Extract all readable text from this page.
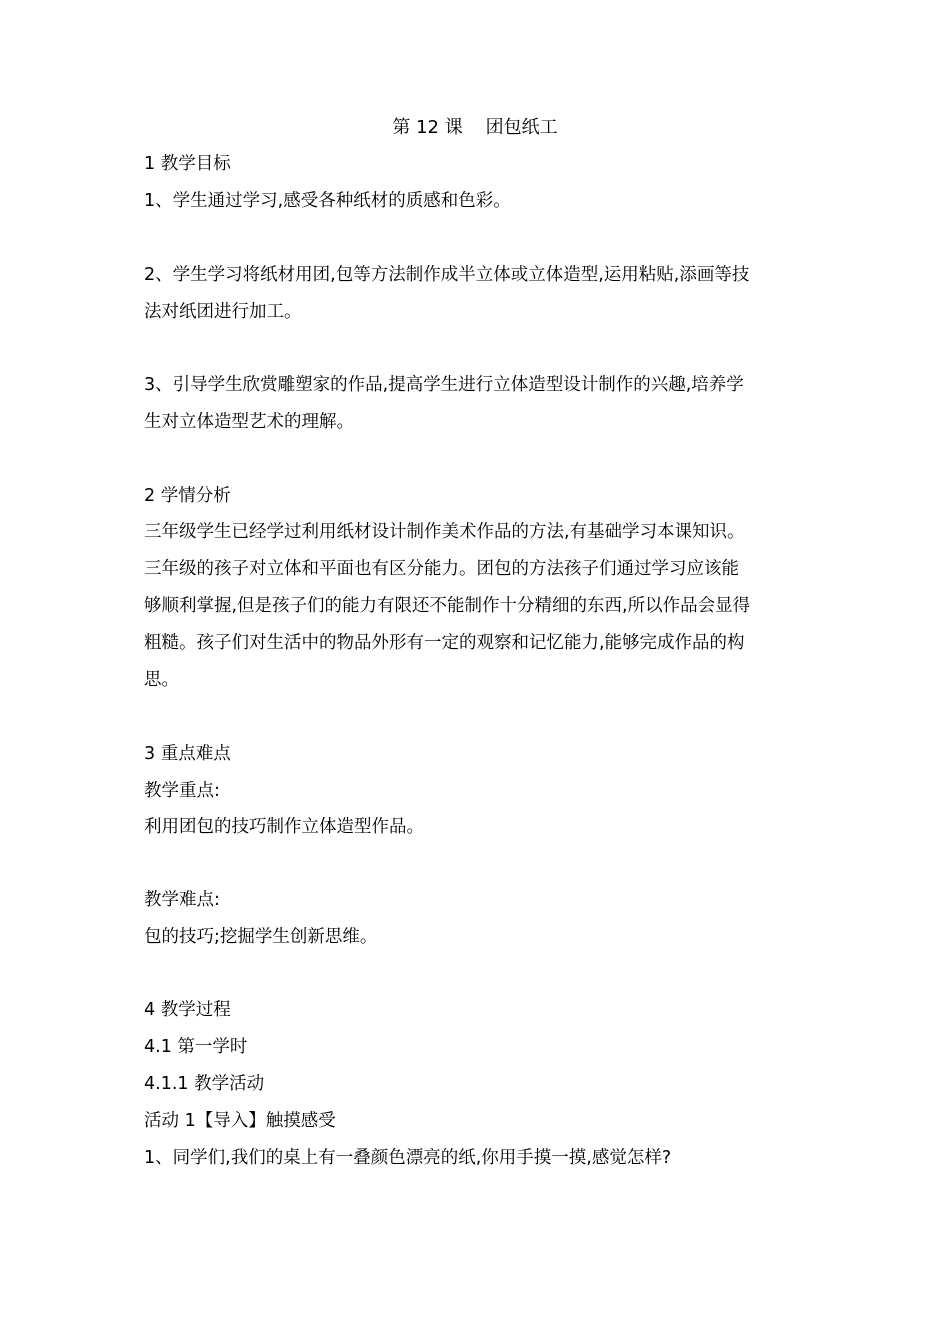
第 12 课    团包纸工
1 教学目标
1、学生通过学习,感受各种纸材的质感和色彩。
2、学生学习将纸材用团,包等方法制作成半立体或立体造型,运用粘贴,添画等技
法对纸团进行加工。
3、引导学生欣赏雕塑家的作品,提高学生进行立体造型设计制作的兴趣,培养学
生对立体造型艺术的理解。
2 学情分析
三年级学生已经学过利用纸材设计制作美术作品的方法,有基础学习本课知识。
三年级的孩子对立体和平面也有区分能力。团包的方法孩子们通过学习应该能
够顺利掌握,但是孩子们的能力有限还不能制作十分精细的东西,所以作品会显得
粗糙。孩子们对生活中的物品外形有一定的观察和记忆能力,能够完成作品的构
思。
3 重点难点
教学重点:
利用团包的技巧制作立体造型作品。
教学难点:
包的技巧;挖掘学生创新思维。
4 教学过程
4.1 第一学时
4.1.1 教学活动
活动 1【导入】触摸感受
1、同学们,我们的桌上有一叠颜色漂亮的纸,你用手摸一摸,感觉怎样?
